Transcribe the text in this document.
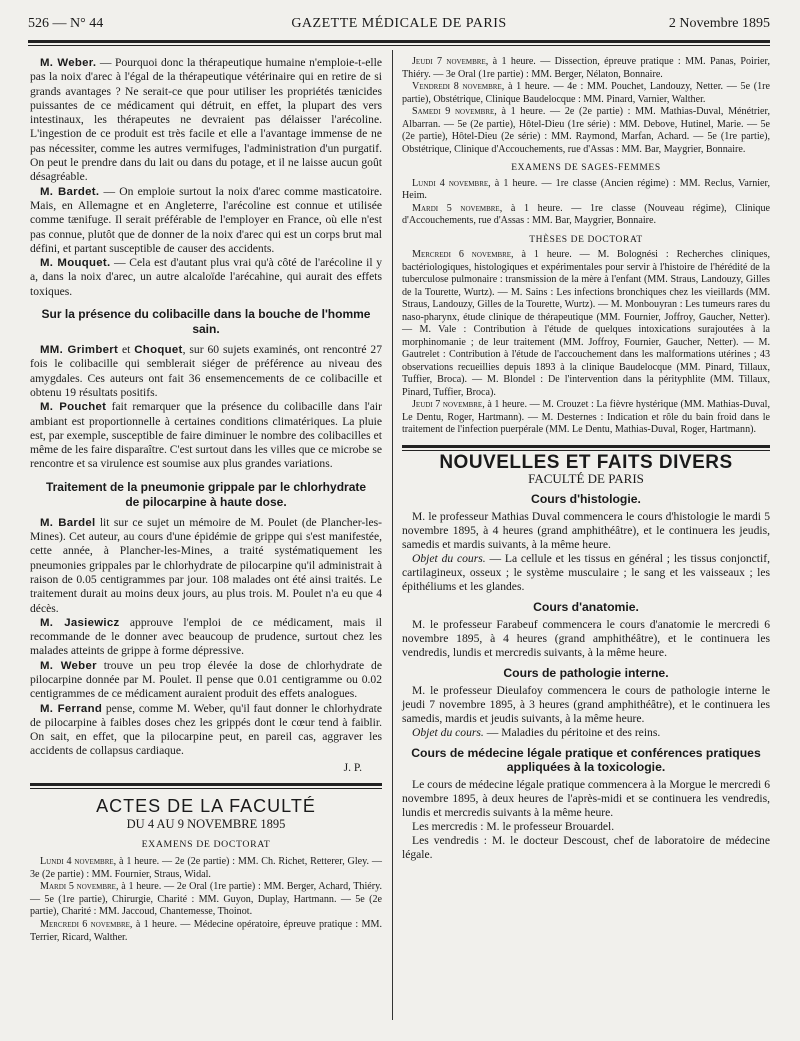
526 — N° 44	GAZETTE MÉDICALE DE PARIS	2 Novembre 1895

M. Weber. — Pourquoi donc la thérapeutique humaine n'emploie-t-elle pas la noix d'arec à l'égal de la thérapeutique vétérinaire qui en retire de si grands avantages ? Ne serait-ce que pour utiliser les propriétés tænicides puissantes de ce médicament qui détruit, en effet, la plupart des vers intestinaux, les thérapeutes ne devraient pas délaisser l'arécoline. L'ingestion de ce produit est très facile et elle a l'avantage immense de ne pas nécessiter, comme les autres vermifuges, l'administration d'un purgatif. On peut le prendre dans du lait ou dans du potage, et il ne laisse aucun goût désagréable.

M. Bardet. — On emploie surtout la noix d'arec comme masticatoire. Mais, en Allemagne et en Angleterre, l'arécoline est connue et utilisée comme tænifuge. Il serait préférable de l'employer en France, où elle n'est pas connue, plutôt que de donner de la noix d'arec qui est un corps brut mal défini, et partant susceptible de causer des accidents.

M. Mouquet. — Cela est d'autant plus vrai qu'à côté de l'arécoline il y a, dans la noix d'arec, un autre alcaloïde l'arécahine, qui aurait des effets toxiques.

Sur la présence du colibacille dans la bouche de l'homme sain.

MM. Grimbert et Choquet, sur 60 sujets examinés, ont rencontré 27 fois le colibacille qui semblerait siéger de préférence au niveau des amygdales. Ces auteurs ont fait 36 ensemencements de ce colibacille et obtenu 19 résultats positifs.

M. Pouchet fait remarquer que la présence du colibacille dans l'air ambiant est proportionnelle à certaines conditions climatériques. La pluie est, par exemple, susceptible de faire diminuer le nombre des colibacilles et même de les faire disparaître. C'est surtout dans les villes que ce microbe se rencontre et sa virulence est soumise aux plus grandes variations.

Traitement de la pneumonie grippale par le chlorhydrate de pilocarpine à haute dose.

M. Bardel lit sur ce sujet un mémoire de M. Poulet (de Plancher-les-Mines). Cet auteur, au cours d'une épidémie de grippe qui s'est manifestée, cette année, à Plancher-les-Mines, a traité systématiquement les pneumonies grippales par le chlorhydrate de pilocarpine qu'il administrait à raison de 0.05 centigrammes par jour. 108 malades ont été ainsi traités. Le traitement durait au moins deux jours, au plus trois. M. Poulet n'a eu que 4 décès.

M. Jasiewicz approuve l'emploi de ce médicament, mais il recommande de le donner avec beaucoup de prudence, surtout chez les malades atteints de grippe à forme dépressive.

M. Weber trouve un peu trop élevée la dose de chlorhydrate de pilocarpine donnée par M. Poulet. Il pense que 0.01 centigramme ou 0.02 centigrammes de ce médicament auraient produit des effets analogues.

M. Ferrand pense, comme M. Weber, qu'il faut donner le chlorhydrate de pilocarpine à faibles doses chez les grippés dont le cœur tend à faiblir. On sait, en effet, que la pilocarpine peut, en pareil cas, aggraver les accidents de collapsus cardiaque.

J. P.
ACTES DE LA FACULTÉ
DU 4 AU 9 NOVEMBRE 1895
EXAMENS DE DOCTORAT

Lundi 4 novembre, à 1 heure. — 2e (2e partie) : MM. Ch. Richet, Retterer, Gley. — 3e (2e partie) : MM. Fournier, Straus, Widal.

Mardi 5 novembre, à 1 heure. — 2e Oral (1re partie) : MM. Berger, Achard, Thiéry. — 5e (1re partie), Chirurgie, Charité : MM. Guyon, Duplay, Hartmann. — 5e (2e partie), Charité : MM. Jaccoud, Chantemesse, Thoinot.

Mercredi 6 novembre, à 1 heure. — Médecine opératoire, épreuve pratique : MM. Terrier, Ricard, Walther.

Jeudi 7 novembre, à 1 heure. — Dissection, épreuve pratique : MM. Panas, Poirier, Thiéry. — 3e Oral (1re partie) : MM. Berger, Nélaton, Bonnaire.

Vendredi 8 novembre, à 1 heure. — 4e : MM. Pouchet, Landouzy, Netter. — 5e (1re partie), Obstétrique, Clinique Baudelocque : MM. Pinard, Varnier, Walther.

Samedi 9 novembre, à 1 heure. — 2e (2e partie) : MM. Mathias-Duval, Ménétrier, Albarran. — 5e (2e partie), Hôtel-Dieu (1re série) : MM. Debove, Hutinel, Marie. — 5e (2e partie), Hôtel-Dieu (2e série) : MM. Raymond, Marfan, Achard. — 5e (1re partie), Obstétrique, Clinique d'Accouchements, rue d'Assas : MM. Bar, Maygrier, Bonnaire.

EXAMENS DE SAGES-FEMMES

Lundi 4 novembre, à 1 heure. — 1re classe (Ancien régime) : MM. Reclus, Varnier, Heim.

Mardi 5 novembre, à 1 heure. — 1re classe (Nouveau régime), Clinique d'Accouchements, rue d'Assas : MM. Bar, Maygrier, Bonnaire.

THÈSES DE DOCTORAT

Mercredi 6 novembre, à 1 heure. — M. Bolognési : Recherches cliniques, bactériologiques, histologiques et expérimentales pour servir à l'histoire de l'hérédité de la tuberculose pulmonaire : transmission de la mère à l'enfant (MM. Straus, Landouzy, Gilles de la Tourette, Wurtz). — M. Sains : Les infections bronchiques chez les vieillards (MM. Straus, Landouzy, Gilles de la Tourette, Wurtz). — M. Monbouyran : Les tumeurs rares du naso-pharynx, étude clinique de thérapeutique (MM. Fournier, Joffroy, Gaucher, Netter). — M. Vale : Contribution à l'étude de quelques intoxications surajoutées à la morphinomanie ; de leur traitement (MM. Joffroy, Fournier, Gaucher, Netter). — M. Gautrelet : Contribution à l'étude de l'accouchement dans les malformations utérines ; 43 observations recueillies depuis 1893 à la clinique Baudelocque (MM. Pinard, Tillaux, Tuffier, Broca). — M. Blondel : De l'intervention dans la pérityphlite (MM. Tillaux, Pinard, Tuffier, Broca).

Jeudi 7 novembre, à 1 heure. — M. Crouzet : La fièvre hystérique (MM. Mathias-Duval, Le Dentu, Roger, Hartmann). — M. Desternes : Indication et rôle du bain froid dans le traitement de l'infection puerpérale (MM. Le Dentu, Mathias-Duval, Roger, Hartmann).

NOUVELLES ET FAITS DIVERS
FACULTÉ DE PARIS
Cours d'histologie.

M. le professeur Mathias Duval commencera le cours d'histologie le mardi 5 novembre 1895, à 4 heures (grand amphithéâtre), et le continuera les jeudis, samedis et mardis suivants, à la même heure.

Objet du cours. — La cellule et les tissus en général ; les tissus conjonctif, cartilagineux, osseux ; le système musculaire ; le sang et les vaisseaux ; les épithéliums et les glandes.

Cours d'anatomie.

M. le professeur Farabeuf commencera le cours d'anatomie le mercredi 6 novembre 1895, à 4 heures (grand amphithéâtre), et le continuera les vendredis, lundis et mercredis suivants, à la même heure.

Cours de pathologie interne.

M. le professeur Dieulafoy commencera le cours de pathologie interne le jeudi 7 novembre 1895, à 3 heures (grand amphithéâtre), et le continuera les samedis, mardis et jeudis suivants, à la même heure.

Objet du cours. — Maladies du péritoine et des reins.

Cours de médecine légale pratique et conférences pratiques appliquées à la toxicologie.

Le cours de médecine légale pratique commencera à la Morgue le mercredi 6 novembre 1895, à deux heures de l'après-midi et se continuera les vendredis, lundis et mercredis suivants à la même heure.

Les mercredis : M. le professeur Brouardel.

Les vendredis : M. le docteur Descoust, chef de laboratoire de médecine légale.
